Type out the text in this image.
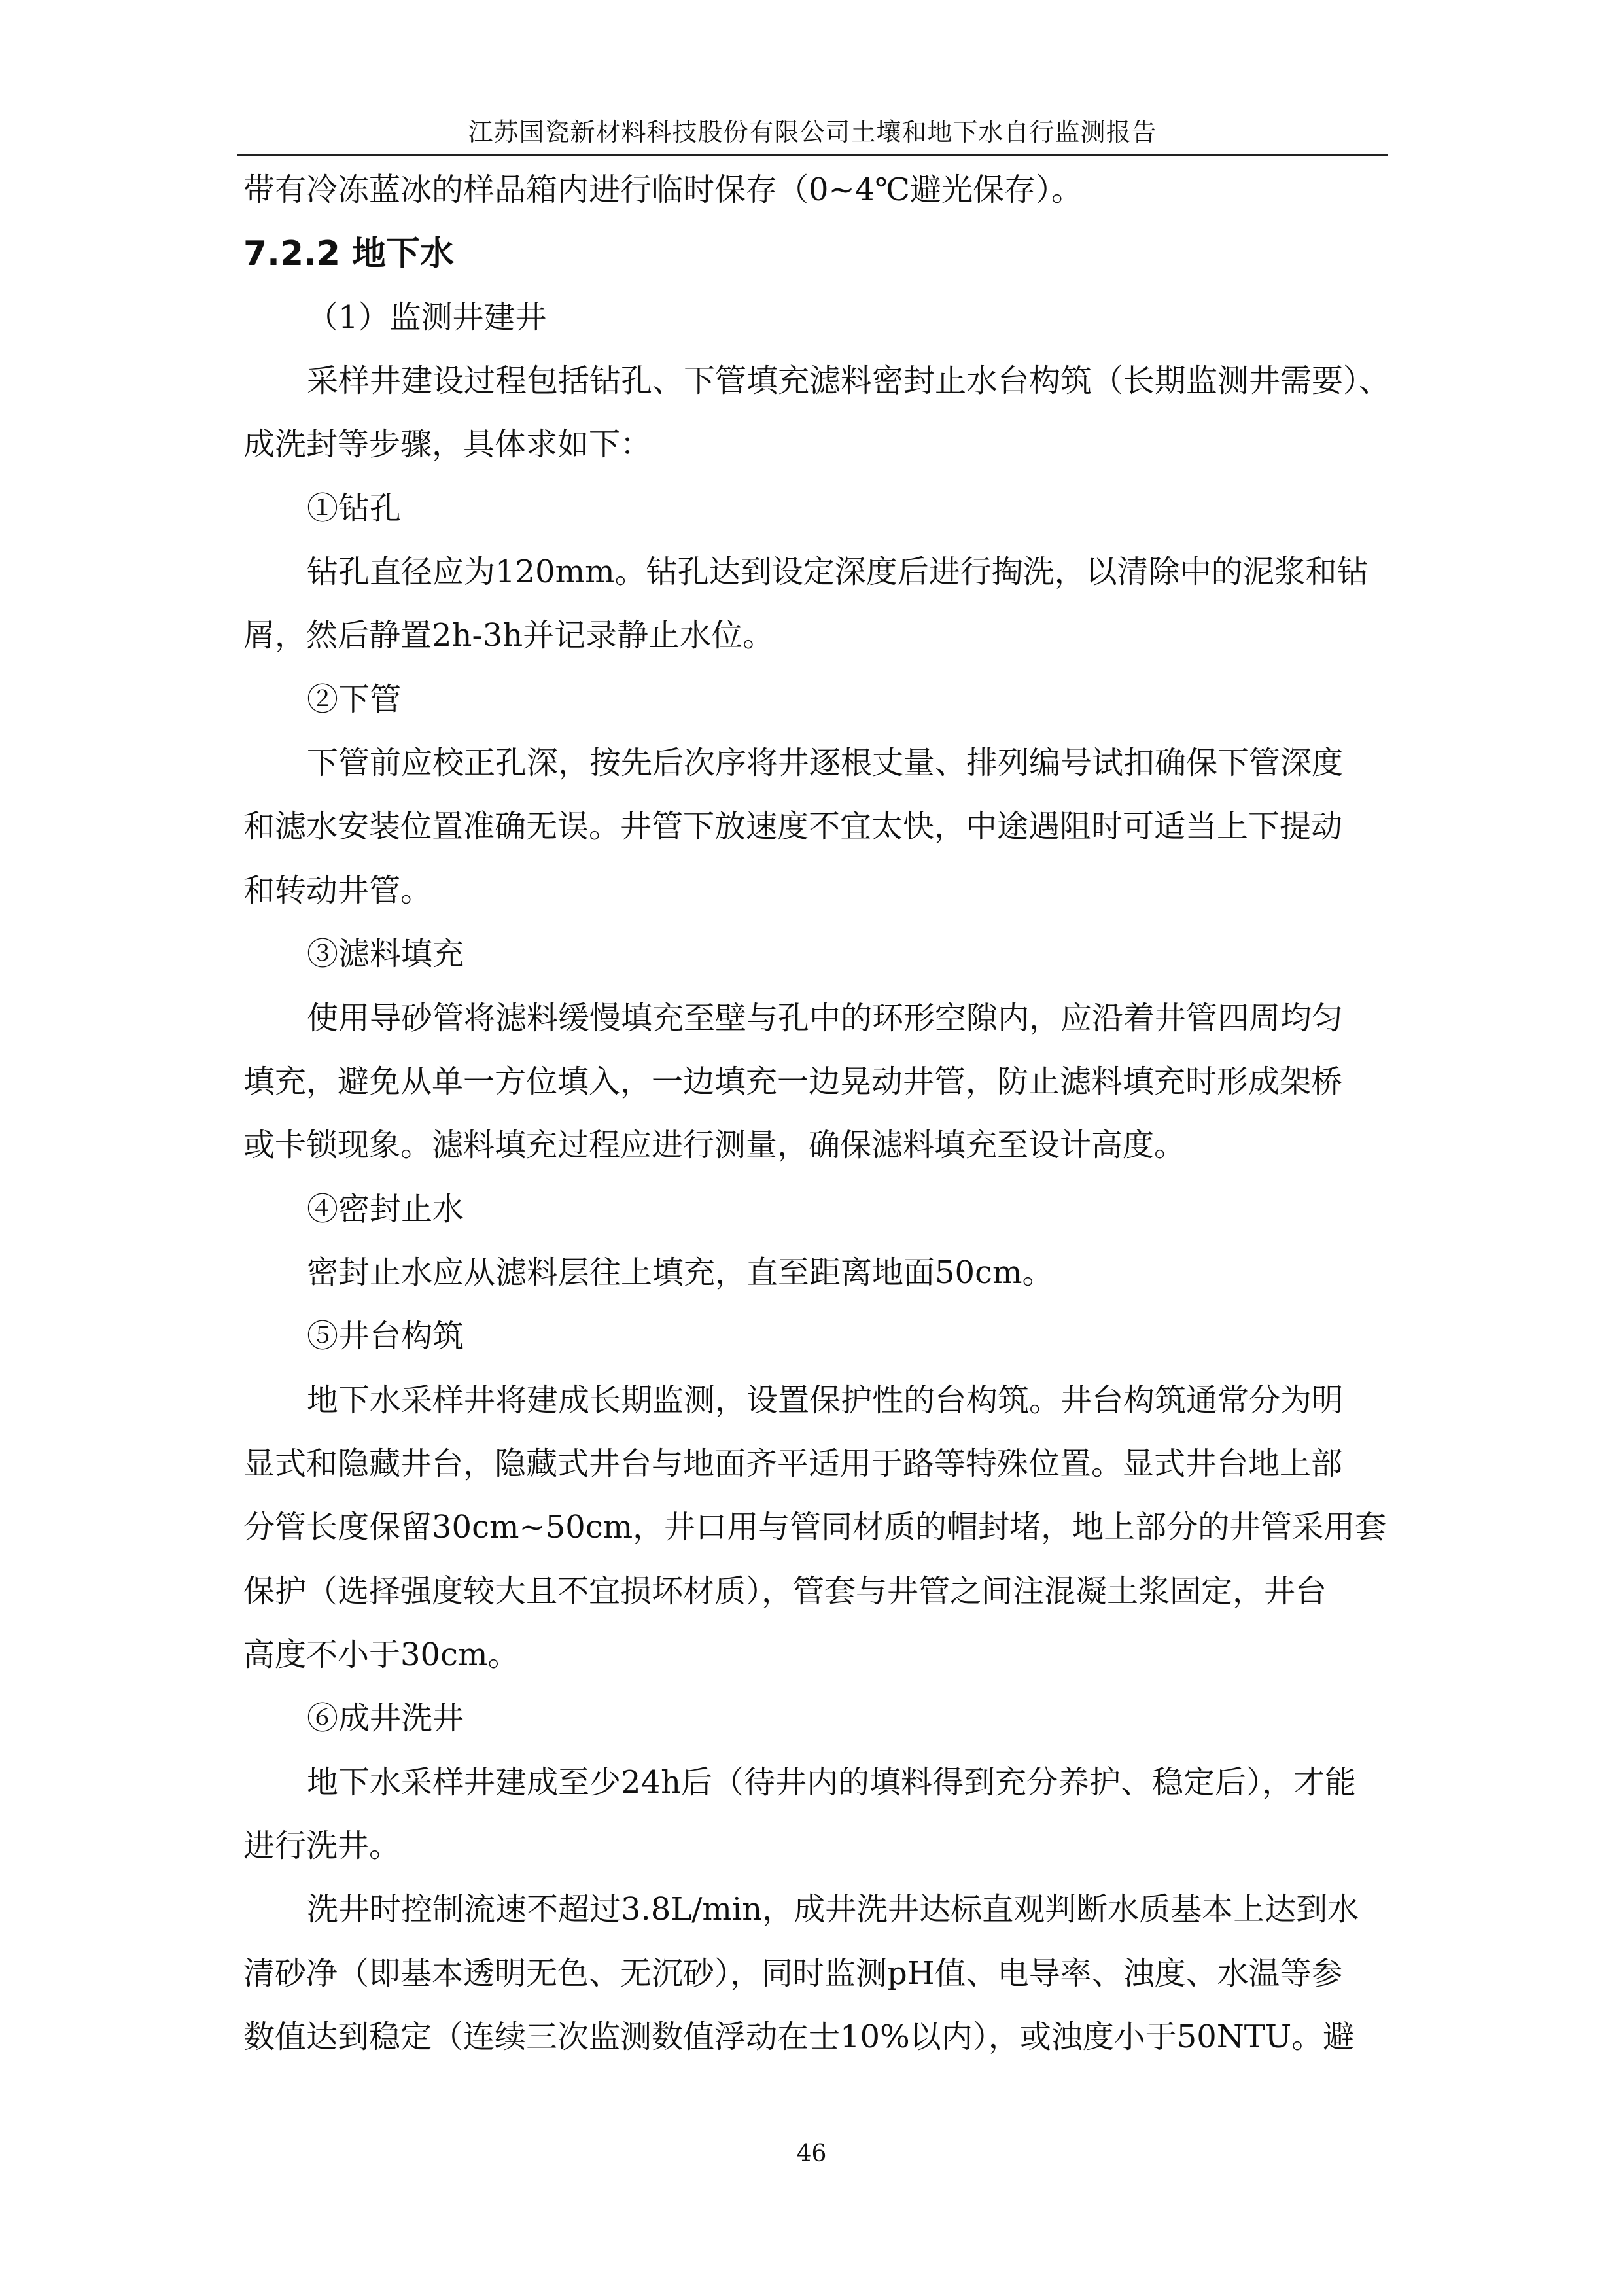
江苏国瓷新材料科技股份有限公司土壤和地下水自行监测报告
带有冷冻蓝冰的样品箱内进行临时保存（0~4℃避光保存）。
7.2.2 地下水
（1）监测井建井
采样井建设过程包括钻孔、下管填充滤料密封止水台构筑（长期监测井需要）、
成洗封等步骤，具体求如下：
①钻孔
钻孔直径应为120mm。钻孔达到设定深度后进行掏洗，以清除中的泥浆和钻
屑，然后静置2h-3h并记录静止水位。
②下管
下管前应校正孔深，按先后次序将井逐根丈量、排列编号试扣确保下管深度
和滤水安装位置准确无误。井管下放速度不宜太快，中途遇阻时可适当上下提动
和转动井管。
③滤料填充
使用导砂管将滤料缓慢填充至壁与孔中的环形空隙内，应沿着井管四周均匀
填充，避免从单一方位填入，一边填充一边晃动井管，防止滤料填充时形成架桥
或卡锁现象。滤料填充过程应进行测量，确保滤料填充至设计高度。
④密封止水
密封止水应从滤料层往上填充，直至距离地面50cm。
⑤井台构筑
地下水采样井将建成长期监测，设置保护性的台构筑。井台构筑通常分为明
显式和隐藏井台，隐藏式井台与地面齐平适用于路等特殊位置。显式井台地上部
分管长度保留30cm~50cm，井口用与管同材质的帽封堵，地上部分的井管采用套
保护（选择强度较大且不宜损坏材质），管套与井管之间注混凝土浆固定，井台
高度不小于30cm。
⑥成井洗井
地下水采样井建成至少24h后（待井内的填料得到充分养护、稳定后），才能
进行洗井。
洗井时控制流速不超过3.8L/min，成井洗井达标直观判断水质基本上达到水
清砂净（即基本透明无色、无沉砂），同时监测pH值、电导率、浊度、水温等参
数值达到稳定（连续三次监测数值浮动在士10%以内），或浊度小于50NTU。避
46
